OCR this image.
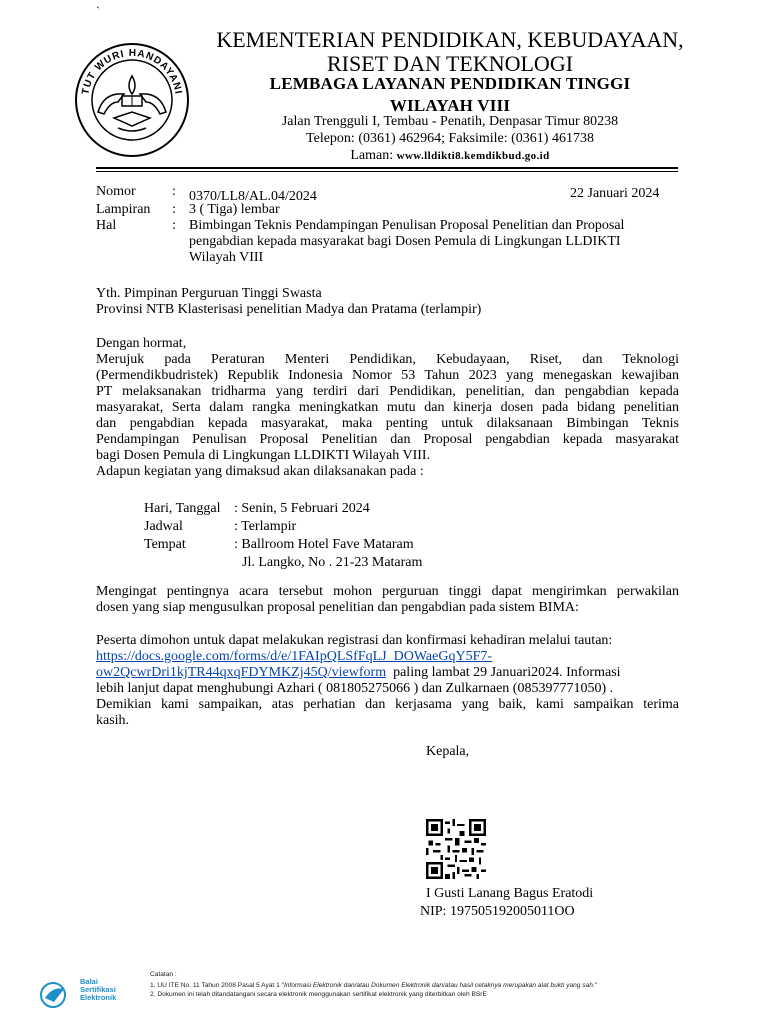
`
TUT WURI HANDAYANI
KEMENTERIAN PENDIDIKAN, KEBUDAYAAN,
RISET DAN TEKNOLOGI
LEMBAGA LAYANAN PENDIDIKAN TINGGI
WILAYAH VIII
Jalan Trengguli I, Tembau - Penatih, Denpasar Timur 80238
Telepon: (0361) 462964; Faksimile: (0361) 461738
Laman: www.lldikti8.kemdikbud.go.id
Nomor	: 0370/LL8/AL.04/2024	22 Januari 2024
Lampiran : 3 ( Tiga) lembar
Hal	: Bimbingan Teknis Pendampingan Penulisan Proposal Penelitian dan Proposal
pengabdian kepada masyarakat bagi Dosen Pemula di Lingkungan LLDIKTI
Wilayah VIII
Yth. Pimpinan Perguruan Tinggi Swasta
Provinsi NTB Klasterisasi penelitian Madya dan Pratama (terlampir)
Dengan hormat,
Merujuk pada Peraturan Menteri Pendidikan, Kebudayaan, Riset, dan Teknologi
(Permendikbudristek) Republik Indonesia Nomor 53 Tahun 2023 yang menegaskan kewajiban
PT melaksanakan tridharma yang terdiri dari Pendidikan, penelitian, dan pengabdian kepada
masyarakat, Serta dalam rangka meningkatkan mutu dan kinerja dosen pada bidang penelitian
dan pengabdian kepada masyarakat, maka penting untuk dilaksanaan Bimbingan Teknis
Pendampingan Penulisan Proposal Penelitian dan Proposal pengabdian kepada masyarakat
bagi Dosen Pemula di Lingkungan LLDIKTI Wilayah VIII.
Adapun kegiatan yang dimaksud akan dilaksanakan pada :
Hari, Tanggal : Senin, 5 Februari 2024
Jadwal	: Terlampir
Tempat	: Ballroom Hotel Fave Mataram
Jl. Langko, No . 21-23 Mataram
Mengingat pentingnya acara tersebut mohon perguruan tinggi dapat mengirimkan perwakilan
dosen yang siap mengusulkan proposal penelitian dan pengabdian pada sistem BIMA:
Peserta dimohon untuk dapat melakukan registrasi dan konfirmasi kehadiran melalui tautan:
https://docs.google.com/forms/d/e/1FAIpQLSfFqLJ_DOWaeGqY5F7-
ow2QcwrDri1kjTR44qxqFDYMKZj45Q/viewform  paling lambat 29 Januari2024. Informasi
lebih lanjut dapat menghubungi Azhari ( 081805275066 ) dan Zulkarnaen (085397771050) .
Demikian kami sampaikan, atas perhatian dan kerjasama yang baik, kami sampaikan terima
kasih.
Kepala,
I Gusti Lanang Bagus Eratodi
NIP: 197505192005011OO
Balai
Sertifikasi
Elektronik
Catatan :
1. UU ITE No. 11 Tahun 2008 Pasal 5 Ayat 1 "Informasi Elektronik dan/atau Dokumen Elektronik dan/atau hasil cetaknya merupakan alat bukti yang sah."
2. Dokumen ini telah ditandatangani secara elektronik menggunakan sertifikat elektronik yang diterbitkan oleh BSrE
